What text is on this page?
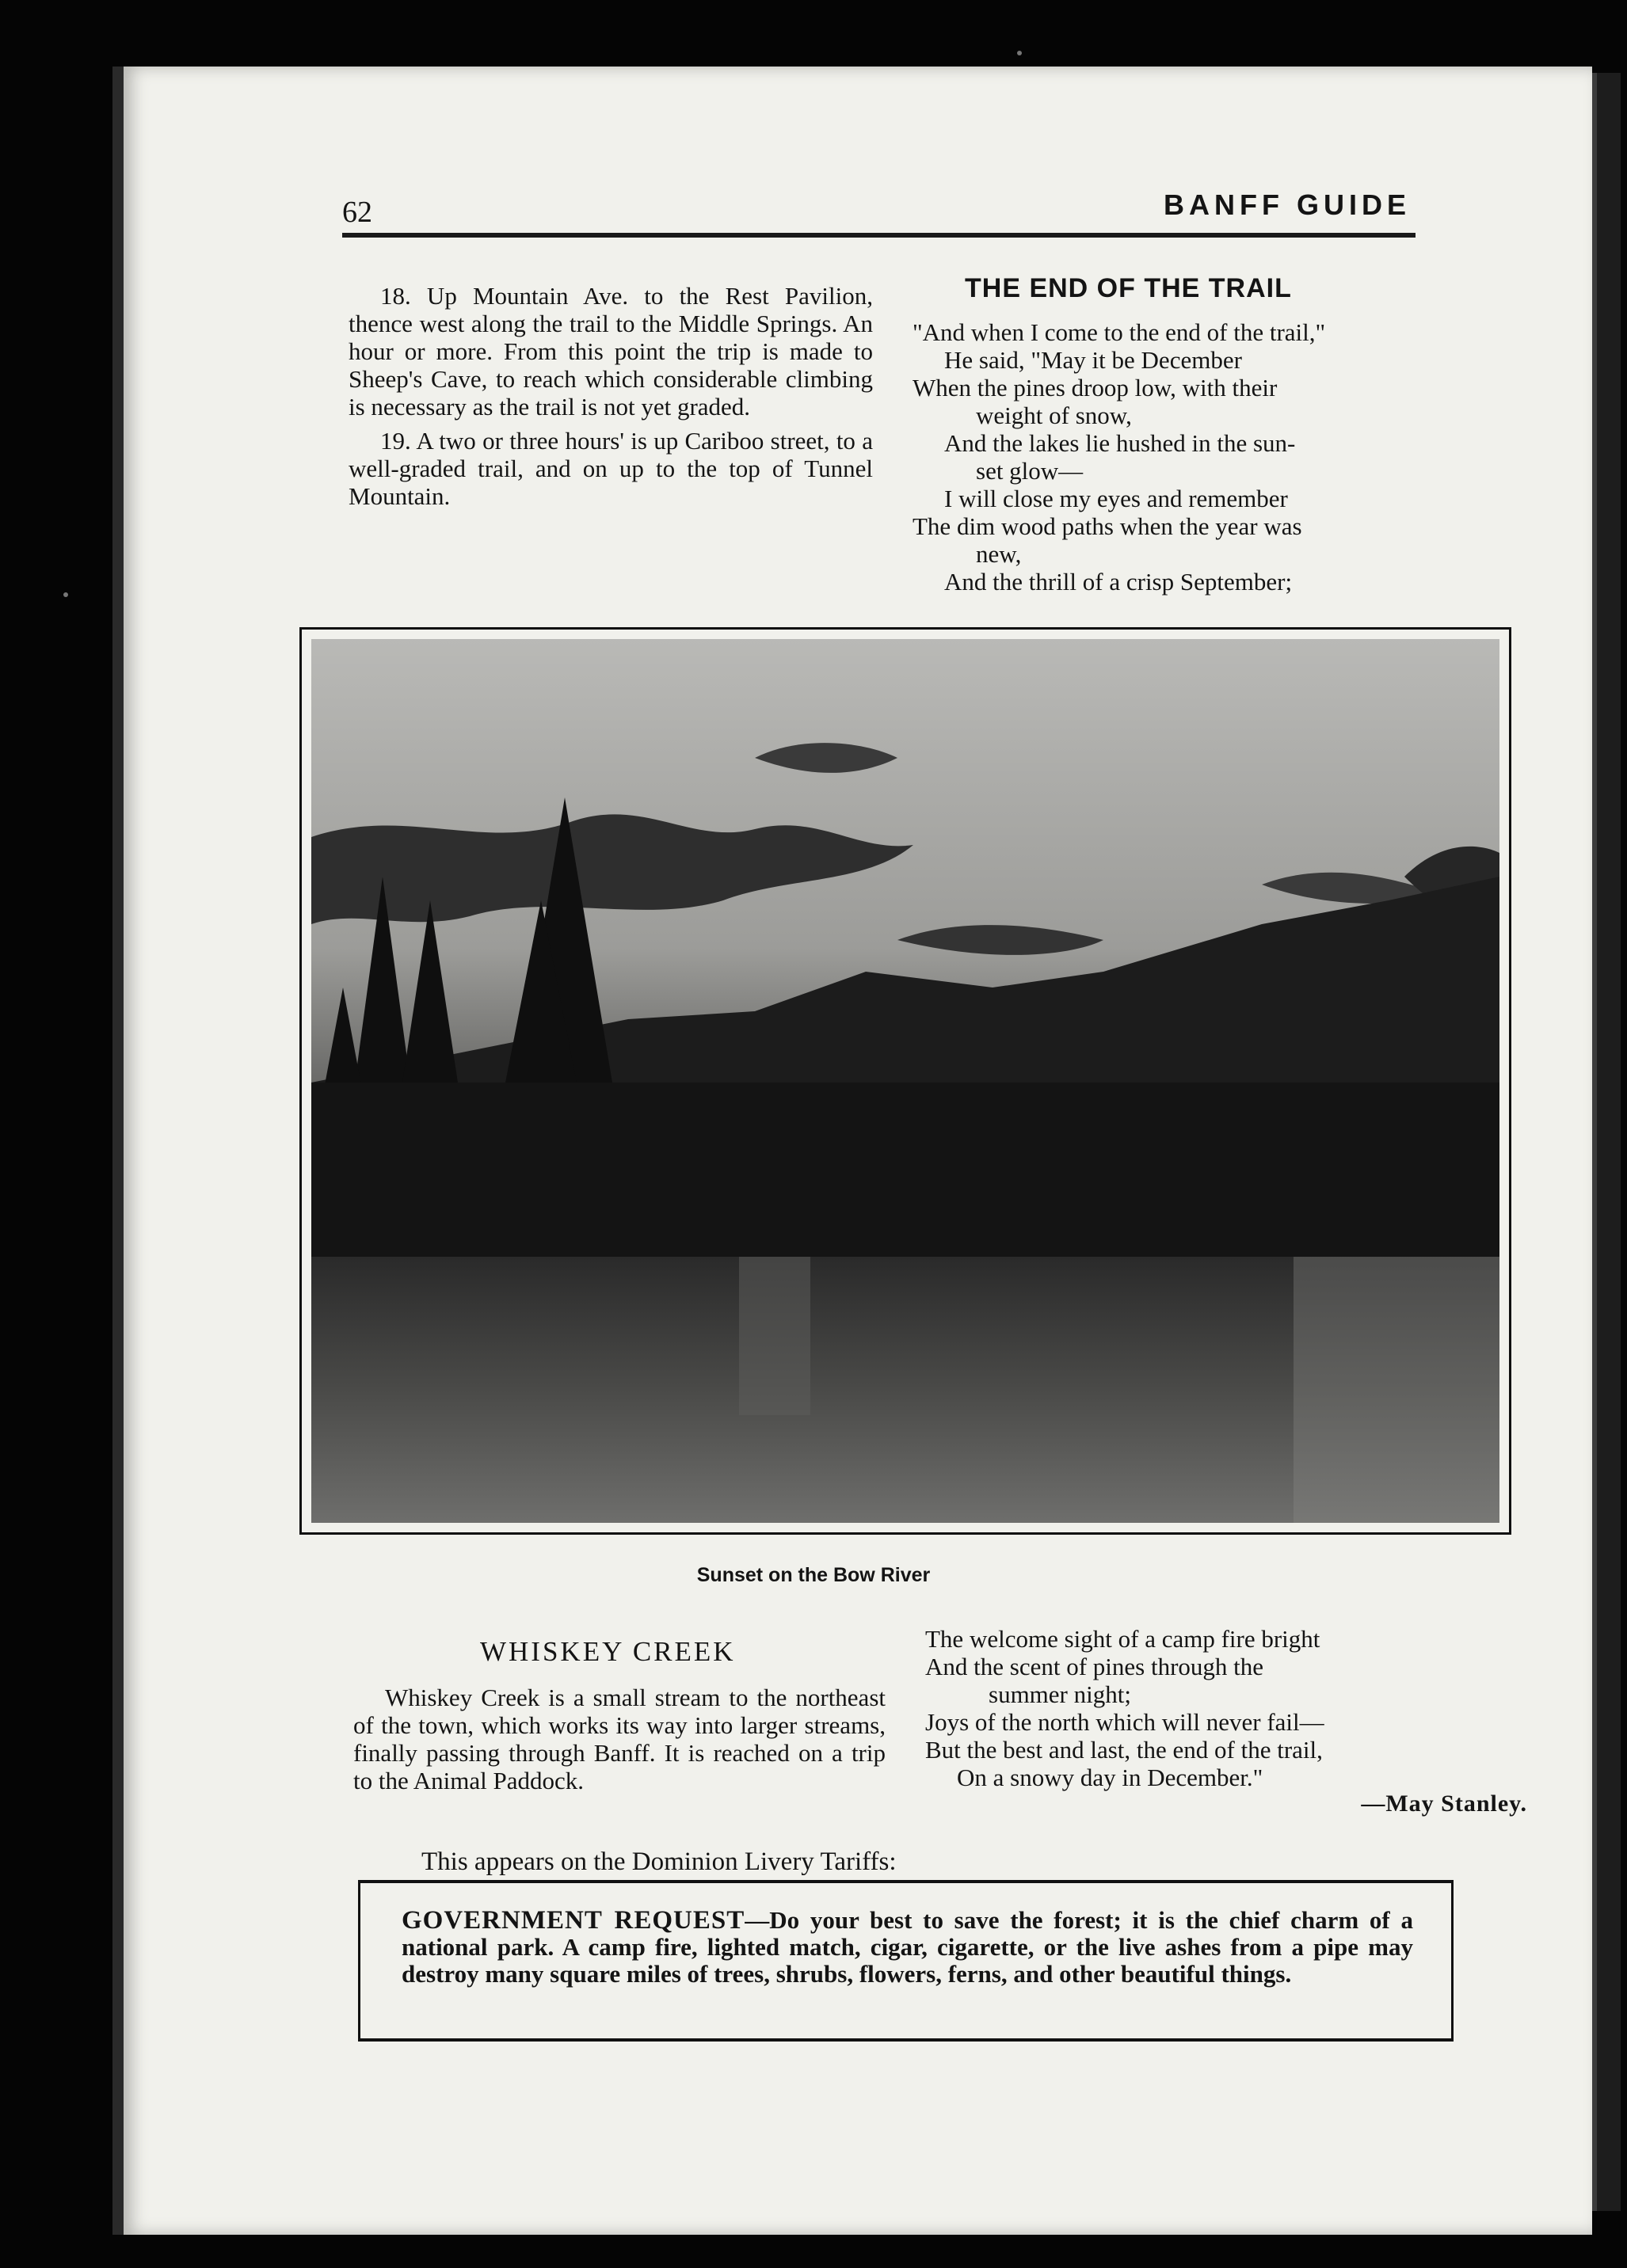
62	BANFF GUIDE

18. Up Mountain Ave. to the Rest Pavilion, thence west along the trail to the Middle Springs. An hour or more. From this point the trip is made to Sheep's Cave, to reach which considerable climbing is necessary as the trail is not yet graded.

19. A two or three hours' is up Cariboo street, to a well-graded trail, and on up to the top of Tunnel Mountain.

THE END OF THE TRAIL
"And when I come to the end of the trail,"
He said, "May it be December
When the pines droop low, with their
weight of snow,
And the lakes lie hushed in the sun-
set glow—
I will close my eyes and remember
The dim wood paths when the year was
new,
And the thrill of a crisp September;
Sunset on the Bow River
WHISKEY CREEK

Whiskey Creek is a small stream to the northeast of the town, which works its way into larger streams, finally passing through Banff. It is reached on a trip to the Animal Paddock.

The welcome sight of a camp fire bright
And the scent of pines through the
summer night;
Joys of the north which will never fail—
But the best and last, the end of the trail,
On a snowy day in December."
—May Stanley.
This appears on the Dominion Livery Tariffs:
GOVERNMENT REQUEST—Do your best to save the forest; it is the chief charm of a national park. A camp fire, lighted match, cigar, cigarette, or the live ashes from a pipe may destroy many square miles of trees, shrubs, flowers, ferns, and other beautiful things.
